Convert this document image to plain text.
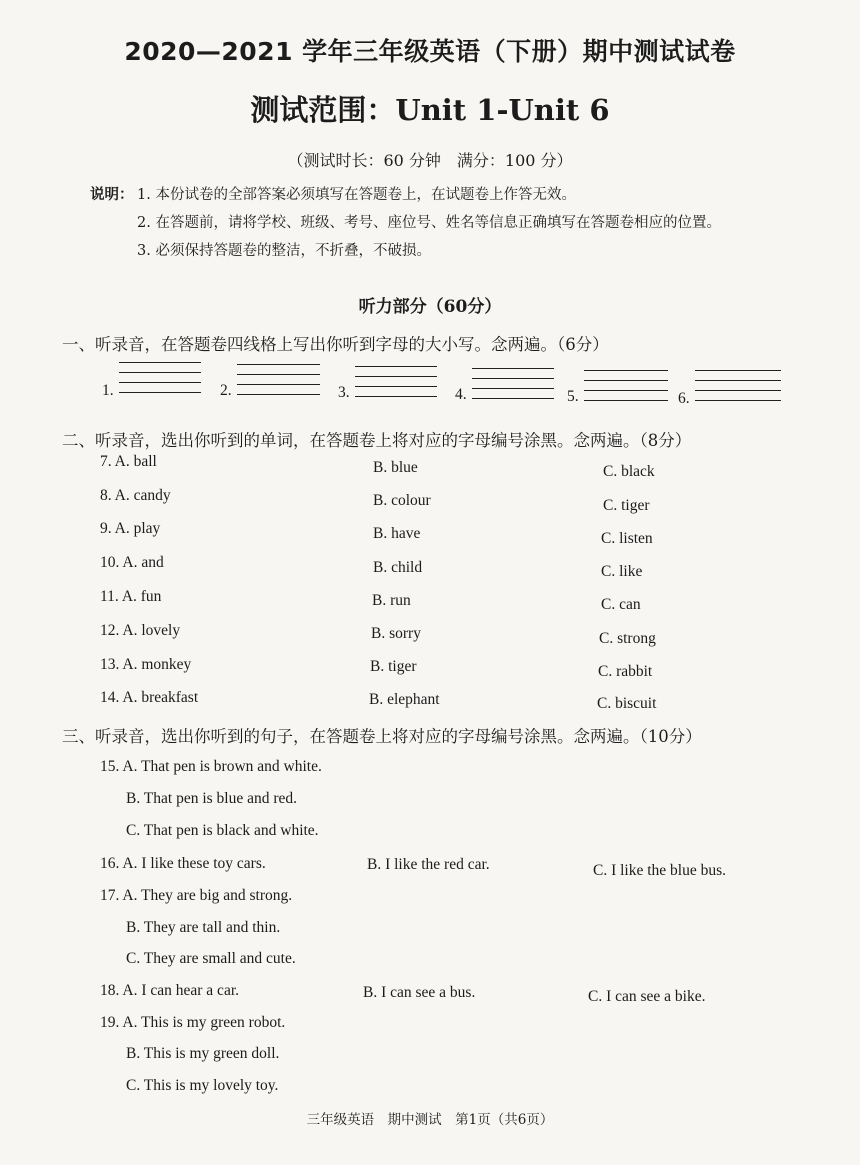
2020—2021 学年三年级英语（下册）期中测试试卷
测试范围：Unit 1-Unit 6
（测试时长：60 分钟　满分：100 分）
说明： 1. 本份试卷的全部答案必须填写在答题卷上，在试题卷上作答无效。
2. 在答题前，请将学校、班级、考号、座位号、姓名等信息正确填写在答题卷相应的位置。
3. 必须保持答题卷的整洁，不折叠，不破损。
听力部分（60分）
一、听录音，在答题卷四线格上写出你听到字母的大小写。念两遍。（6分）
1.	2.	3.	4.	5.	6.
二、听录音，选出你听到的单词，在答题卷上将对应的字母编号涂黑。念两遍。（8分）
7. A. ball	B. blue	C. black
8. A. candy	B. colour	C. tiger
9. A. play	B. have	C. listen
10. A. and	B. child	C. like
11. A. fun	B. run	C. can
12. A. lovely	B. sorry	C. strong
13. A. monkey	B. tiger	C. rabbit
14. A. breakfast	B. elephant	C. biscuit
三、听录音，选出你听到的句子，在答题卷上将对应的字母编号涂黑。念两遍。（10分）
15. A. That pen is brown and white.
B. That pen is blue and red.
C. That pen is black and white.
16. A. I like these toy cars.	B. I like the red car.	C. I like the blue bus.
17. A. They are big and strong.
B. They are tall and thin.
C. They are small and cute.
18. A. I can hear a car.	B. I can see a bus.	C. I can see a bike.
19. A. This is my green robot.
B. This is my green doll.
C. This is my lovely toy.
三年级英语　期中测试　第1页（共6页）
